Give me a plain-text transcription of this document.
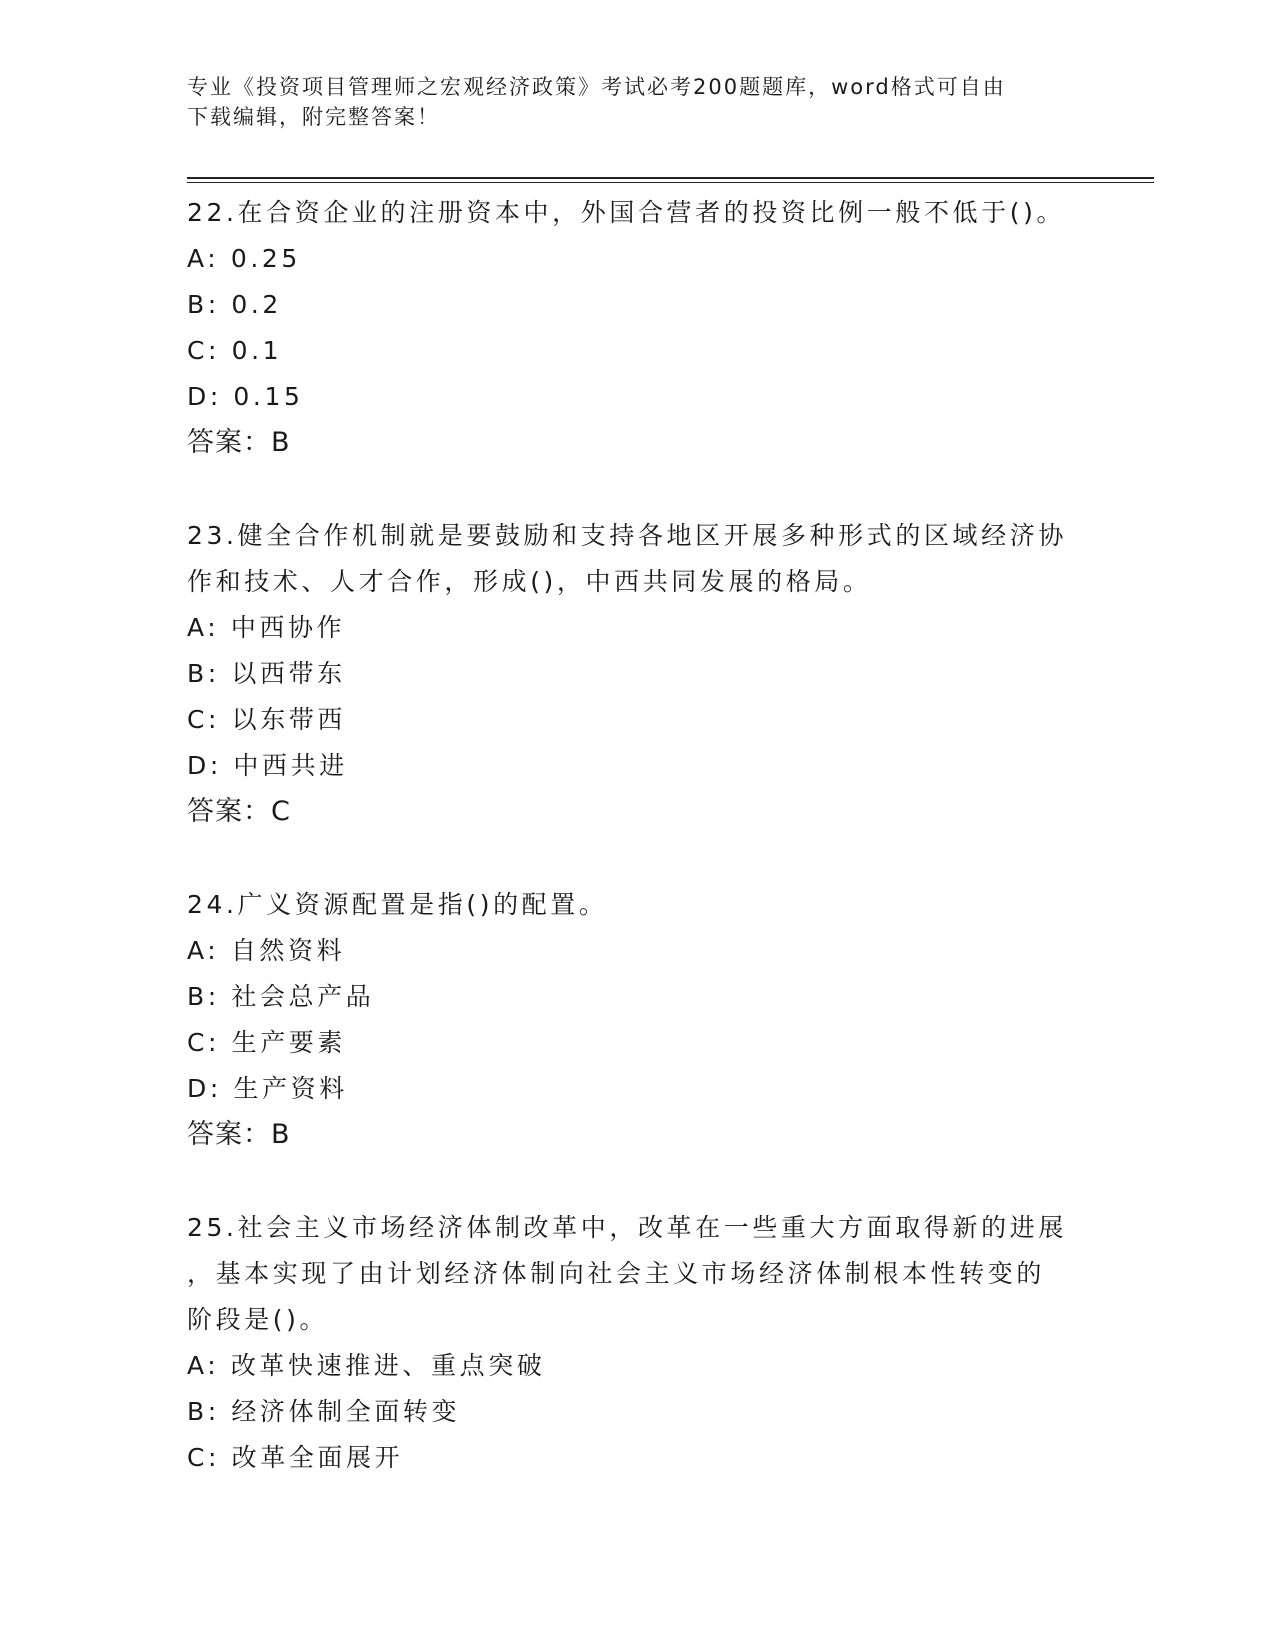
专业《投资项目管理师之宏观经济政策》考试必考200题题库，word格式可自由
下载编辑，附完整答案！
22.在合资企业的注册资本中，外国合营者的投资比例一般不低于()。
A: 0.25
B: 0.2
C: 0.1
D: 0.15
答案：B
23.健全合作机制就是要鼓励和支持各地区开展多种形式的区域经济协
作和技术、人才合作，形成()，中西共同发展的格局。
A: 中西协作
B: 以西带东
C: 以东带西
D: 中西共进
答案：C
24.广义资源配置是指()的配置。
A: 自然资料
B: 社会总产品
C: 生产要素
D: 生产资料
答案：B
25.社会主义市场经济体制改革中，改革在一些重大方面取得新的进展
，基本实现了由计划经济体制向社会主义市场经济体制根本性转变的
阶段是()。
A: 改革快速推进、重点突破
B: 经济体制全面转变
C: 改革全面展开
